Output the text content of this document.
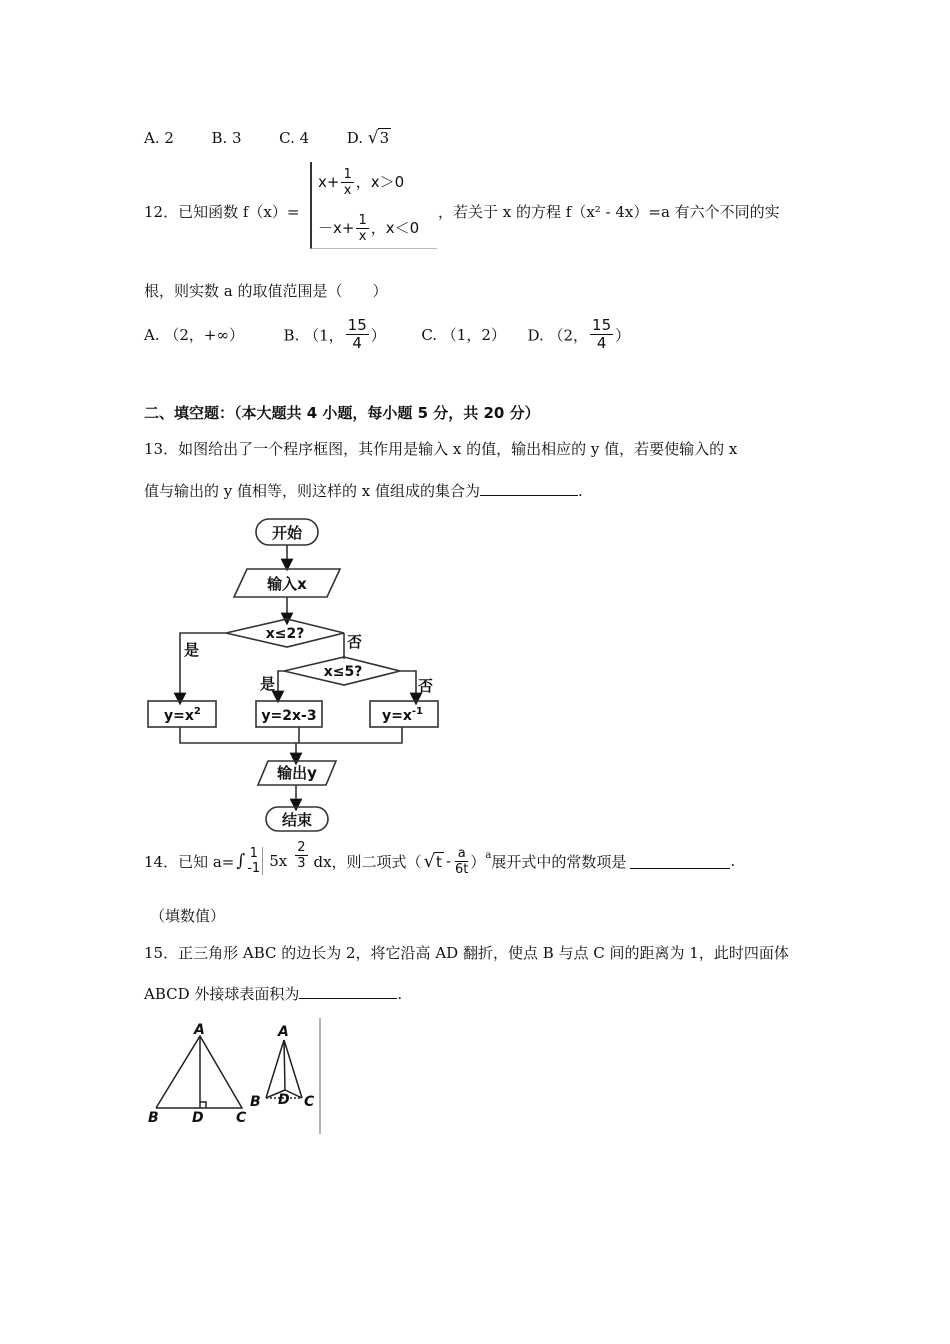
A. 2	B. 3	C. 4	D. √3
12．已知函数 f（x）=
$x+ \frac{1}{x}$ ，x＞0
$-x+ \frac{1}{x}$ ，x＜0
，若关于 x 的方程 f（x² - 4x）=a 有六个不同的实
根，则实数 a 的取值范围是（　　）
A. （2，+∞）	B. （1， $\frac{15}{4}$ ） C. （1，2） D. （2， $\frac{15}{4}$ ）
二、填空题：（本大题共 4 小题，每小题 5 分，共 20 分）
13．如图给出了一个程序框图，其作用是输入 x 的值，输出相应的 y 值，若要使输入的 x
值与输出的 y 值相等，则这样的 x 值组成的集合为	.
开始
输入x
x≤2?
x≤5?
是	否
是	否
$y=x^2$	y=2x-3	$y=x^{-1}$
输出y
结束
14．已知 a= ∫ 1
-1 $5x \frac{2}{3}$ dx，则二项式（ √ t - $\frac{a}{6t}$ ） a 展开式中的常数项是	.
（填数值）
15．正三角形 ABC 的边长为 2，将它沿高 AD 翻折，使点 B 与点 C 间的距离为 1，此时四面体
ABCD 外接球表面积为	.
A
B D C
A
B D C
